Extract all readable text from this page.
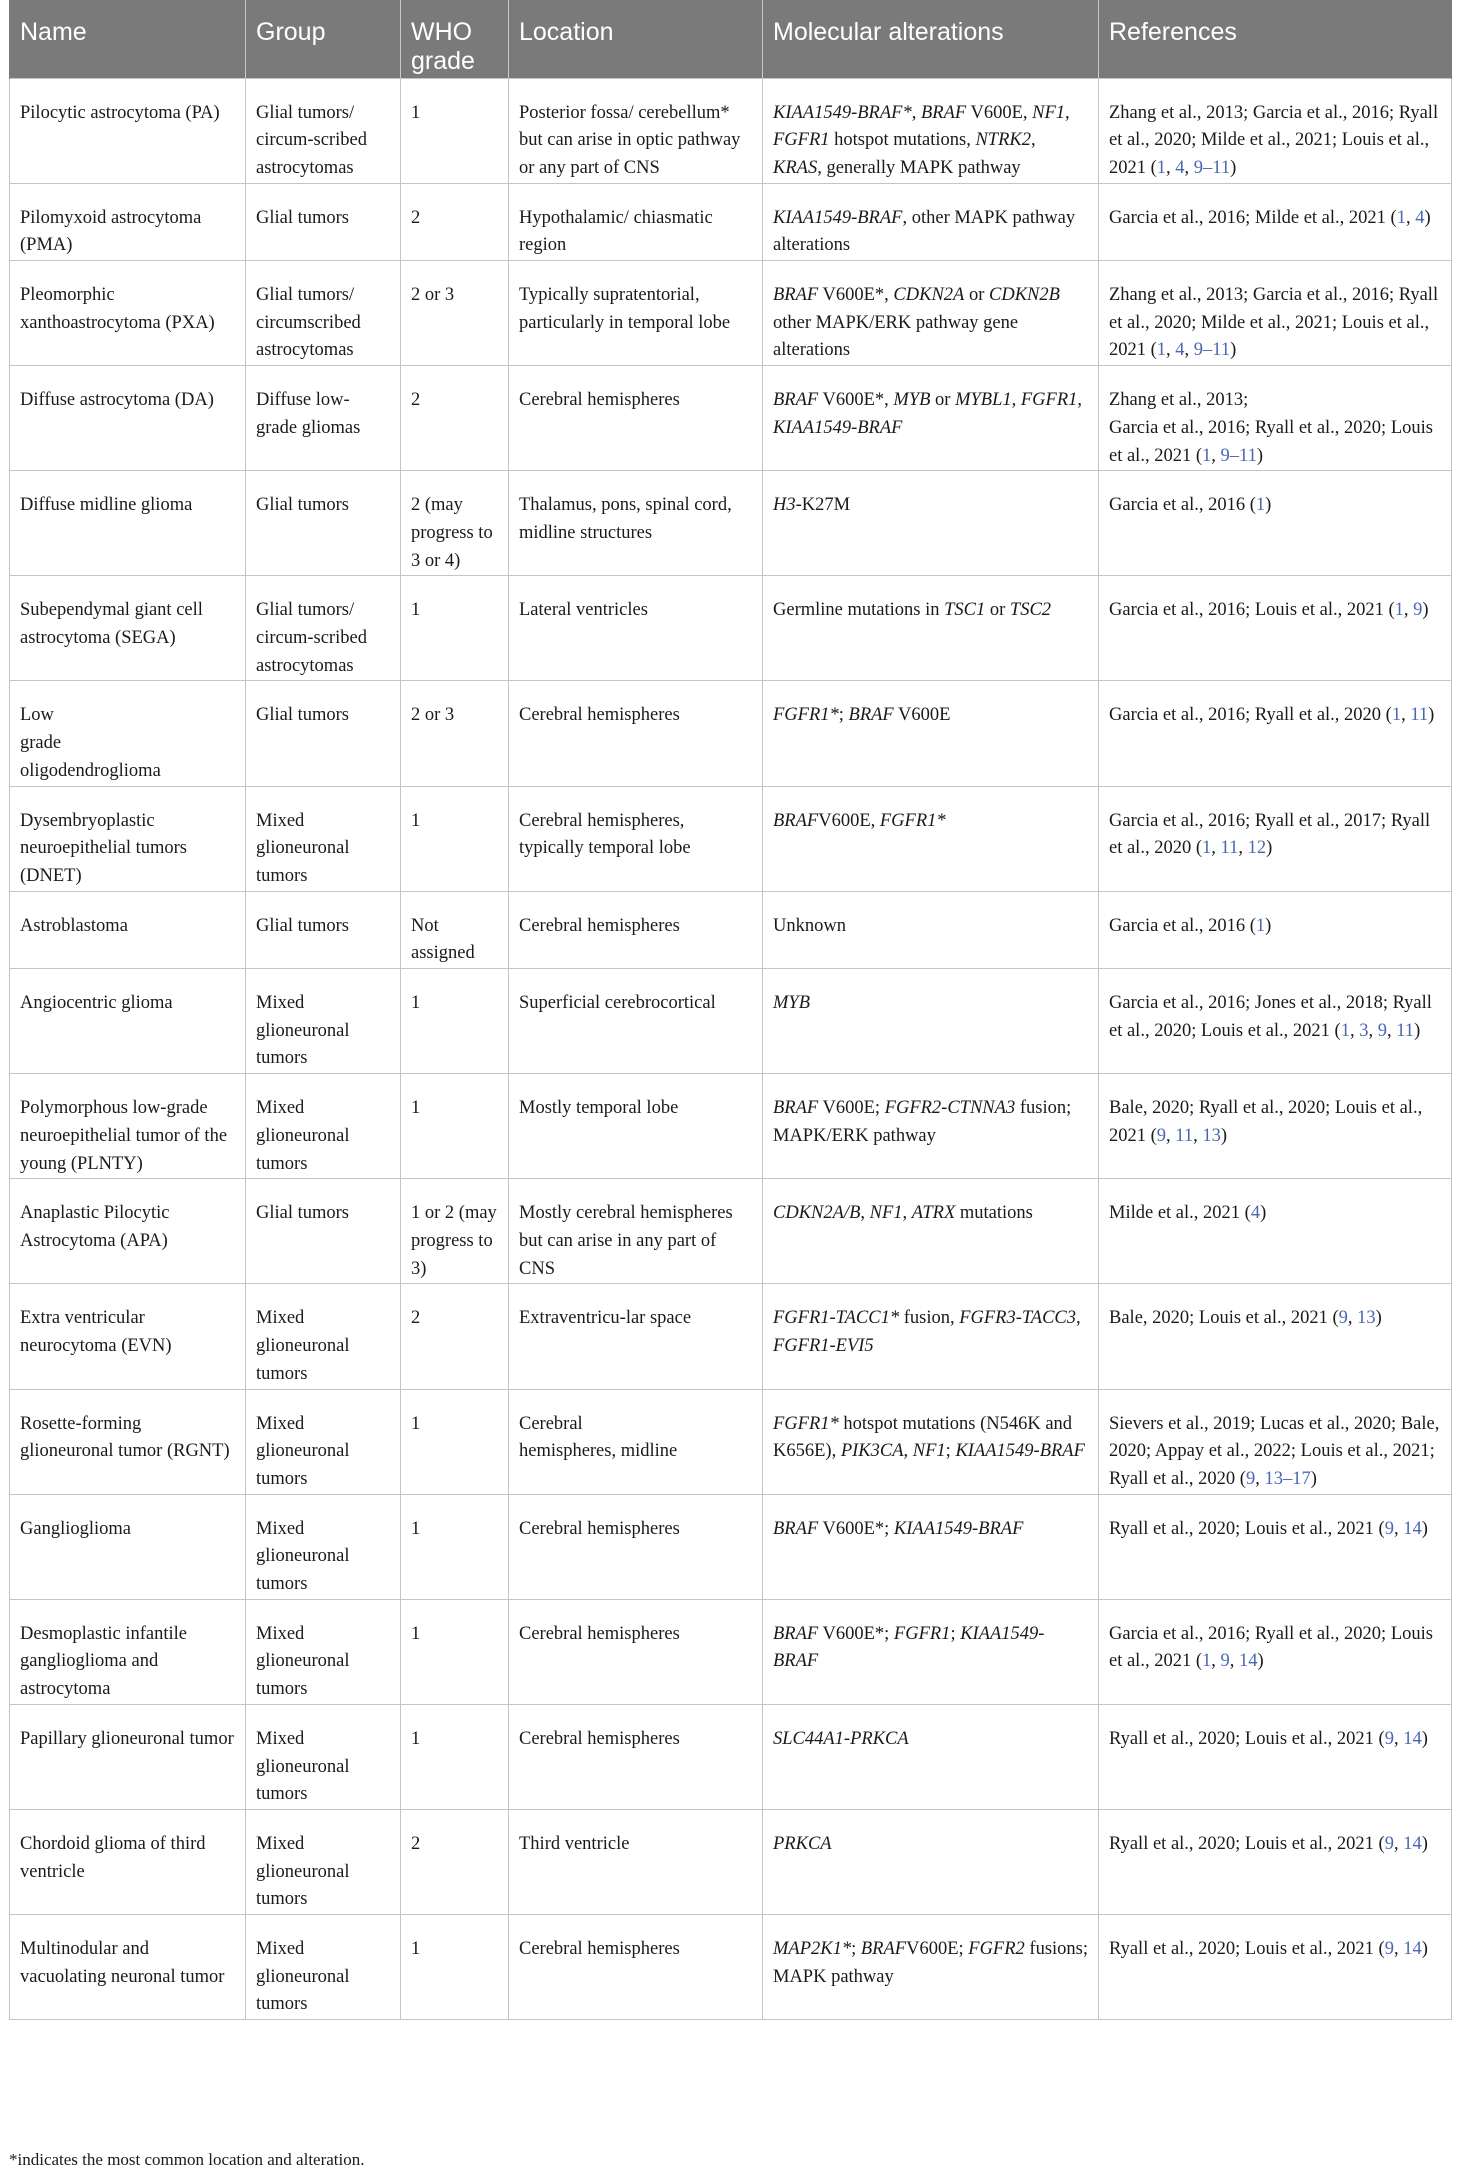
Name	Group	WHO grade	Location	Molecular alterations	References
Pilocytic astrocytoma (PA)	Glial tumors/ circum-scribed astrocytomas	1	Posterior fossa/ cerebellum* but can arise in optic pathway or any part of CNS	KIAA1549-BRAF*, BRAF V600E, NF1, FGFR1 hotspot mutations, NTRK2, KRAS, generally MAPK pathway	Zhang et al., 2013; Garcia et al., 2016; Ryall et al., 2020; Milde et al., 2021; Louis et al., 2021 (1, 4, 9–11)
Pilomyxoid astrocytoma (PMA)	Glial tumors	2	Hypothalamic/ chiasmatic region	KIAA1549-BRAF, other MAPK pathway alterations	Garcia et al., 2016; Milde et al., 2021 (1, 4)
Pleomorphic xanthoastrocytoma (PXA)	Glial tumors/ circumscribed astrocytomas	2 or 3	Typically supratentorial, particularly in temporal lobe	BRAF V600E*, CDKN2A or CDKN2B other MAPK/ERK pathway gene alterations	Zhang et al., 2013; Garcia et al., 2016; Ryall et al., 2020; Milde et al., 2021; Louis et al., 2021 (1, 4, 9–11)
Diffuse astrocytoma (DA)	Diffuse low-grade gliomas	2	Cerebral hemispheres	BRAF V600E*, MYB or MYBL1, FGFR1, KIAA1549-BRAF	Zhang et al., 2013;
Garcia et al., 2016; Ryall et al., 2020; Louis et al., 2021 (1, 9–11)
Diffuse midline glioma	Glial tumors	2 (may progress to 3 or 4)	Thalamus, pons, spinal cord, midline structures	H3-K27M	Garcia et al., 2016 (1)
Subependymal giant cell astrocytoma (SEGA)	Glial tumors/ circum-scribed astrocytomas	1	Lateral ventricles	Germline mutations in TSC1 or TSC2	Garcia et al., 2016; Louis et al., 2021 (1, 9)
Low
grade
oligodendroglioma	Glial tumors	2 or 3	Cerebral hemispheres	FGFR1*; BRAF V600E	Garcia et al., 2016; Ryall et al., 2020 (1, 11)
Dysembryoplastic neuroepithelial tumors (DNET)	Mixed glioneuronal tumors	1	Cerebral hemispheres, typically temporal lobe	BRAFV600E, FGFR1*	Garcia et al., 2016; Ryall et al., 2017; Ryall et al., 2020 (1, 11, 12)
Astroblastoma	Glial tumors	Not assigned	Cerebral hemispheres	Unknown	Garcia et al., 2016 (1)
Angiocentric glioma	Mixed glioneuronal tumors	1	Superficial cerebrocortical	MYB	Garcia et al., 2016; Jones et al., 2018; Ryall et al., 2020; Louis et al., 2021 (1, 3, 9, 11)
Polymorphous low-grade neuroepithelial tumor of the young (PLNTY)	Mixed glioneuronal tumors	1	Mostly temporal lobe	BRAF V600E; FGFR2-CTNNA3 fusion; MAPK/ERK pathway	Bale, 2020; Ryall et al., 2020; Louis et al., 2021 (9, 11, 13)
Anaplastic Pilocytic Astrocytoma (APA)	Glial tumors	1 or 2 (may progress to 3)	Mostly cerebral hemispheres but can arise in any part of CNS	CDKN2A/B, NF1, ATRX mutations	Milde et al., 2021 (4)
Extra ventricular neurocytoma (EVN)	Mixed glioneuronal tumors	2	Extraventricu-lar space	FGFR1-TACC1* fusion, FGFR3-TACC3, FGFR1-EVI5	Bale, 2020; Louis et al., 2021 (9, 13)
Rosette-forming glioneuronal tumor (RGNT)	Mixed glioneuronal tumors	1	Cerebral
hemispheres, midline	FGFR1* hotspot mutations (N546K and K656E), PIK3CA, NF1; KIAA1549-BRAF	Sievers et al., 2019; Lucas et al., 2020; Bale, 2020; Appay et al., 2022; Louis et al., 2021; Ryall et al., 2020 (9, 13–17)
Ganglioglioma	Mixed glioneuronal tumors	1	Cerebral hemispheres	BRAF V600E*; KIAA1549-BRAF	Ryall et al., 2020; Louis et al., 2021 (9, 14)
Desmoplastic infantile ganglioglioma and astrocytoma	Mixed glioneuronal tumors	1	Cerebral hemispheres	BRAF V600E*; FGFR1; KIAA1549-BRAF	Garcia et al., 2016; Ryall et al., 2020; Louis et al., 2021 (1, 9, 14)
Papillary glioneuronal tumor	Mixed glioneuronal tumors	1	Cerebral hemispheres	SLC44A1-PRKCA	Ryall et al., 2020; Louis et al., 2021 (9, 14)
Chordoid glioma of third ventricle	Mixed glioneuronal tumors	2	Third ventricle	PRKCA	Ryall et al., 2020; Louis et al., 2021 (9, 14)
Multinodular and vacuolating neuronal tumor	Mixed glioneuronal tumors	1	Cerebral hemispheres	MAP2K1*; BRAFV600E; FGFR2 fusions; MAPK pathway	Ryall et al., 2020; Louis et al., 2021 (9, 14)
*indicates the most common location and alteration.
